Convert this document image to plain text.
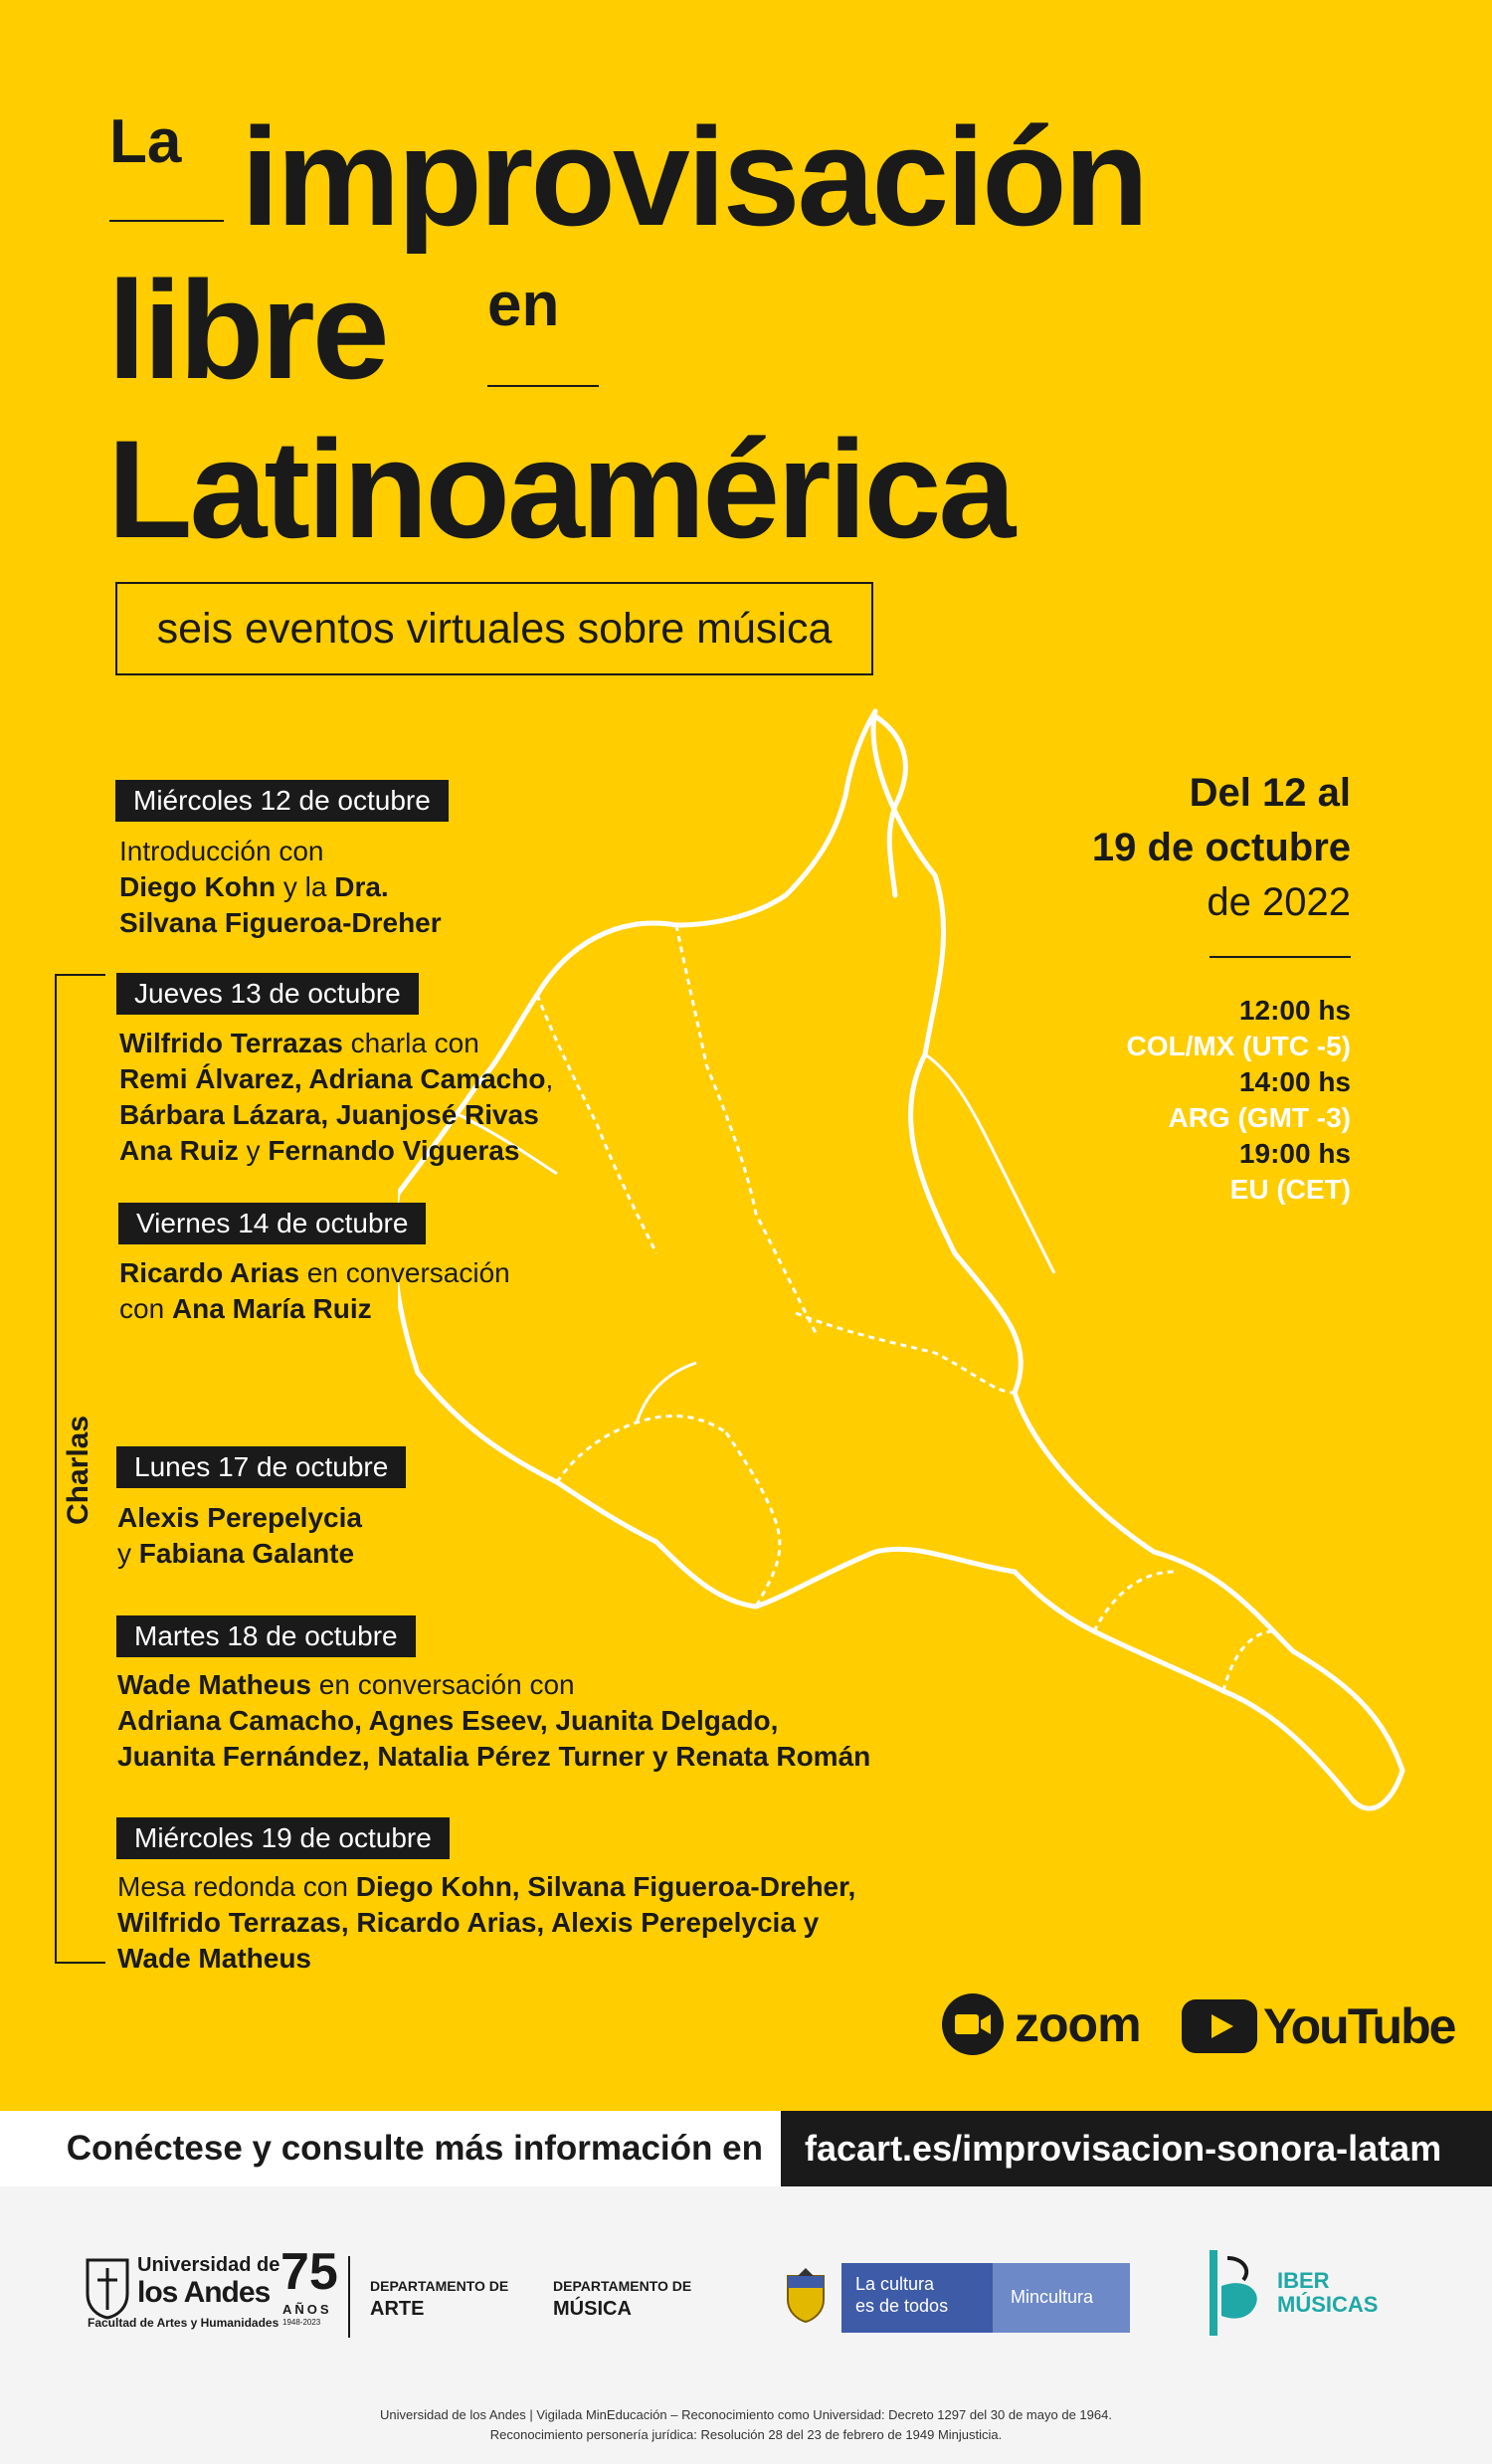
La improvisación
libre en
Latinoamérica
seis eventos virtuales sobre música
Del 12 al
19 de octubre
de 2022
12:00 hs
COL/MX (UTC -5)
14:00 hs
ARG (GMT -3)
19:00 hs
EU (CET)
Charlas
Miércoles 12 de octubre
Introducción con
Diego Kohn y la Dra.
Silvana Figueroa-Dreher
Jueves 13 de octubre
Wilfrido Terrazas charla con
Remi Álvarez, Adriana Camacho,
Bárbara Lázara, Juanjosé Rivas
Ana Ruiz y Fernando Vigueras
Viernes 14 de octubre
Ricardo Arias en conversación
con Ana María Ruiz
Lunes 17 de octubre
Alexis Perepelycia
y Fabiana Galante
Martes 18 de octubre
Wade Matheus en conversación con
Adriana Camacho, Agnes Eseev, Juanita Delgado,
Juanita Fernández, Natalia Pérez Turner y Renata Román
Miércoles 19 de octubre
Mesa redonda con Diego Kohn, Silvana Figueroa-Dreher,
Wilfrido Terrazas, Ricardo Arias, Alexis Perepelycia y
Wade Matheus
zoom YouTube
Conéctese y consulte más información en	facart.es/improvisacion-sonora-latam
Universidad de
los Andes
Facultad de Artes y Humanidades
75
AÑOS
1948-2023
DEPARTAMENTO DE
ARTE
DEPARTAMENTO DE
MÚSICA
La cultura
es de todos	Mincultura
IBER
MÚSICAS
Universidad de los Andes | Vigilada MinEducación – Reconocimiento como Universidad: Decreto 1297 del 30 de mayo de 1964.
Reconocimiento personería jurídica: Resolución 28 del 23 de febrero de 1949 Minjusticia.
